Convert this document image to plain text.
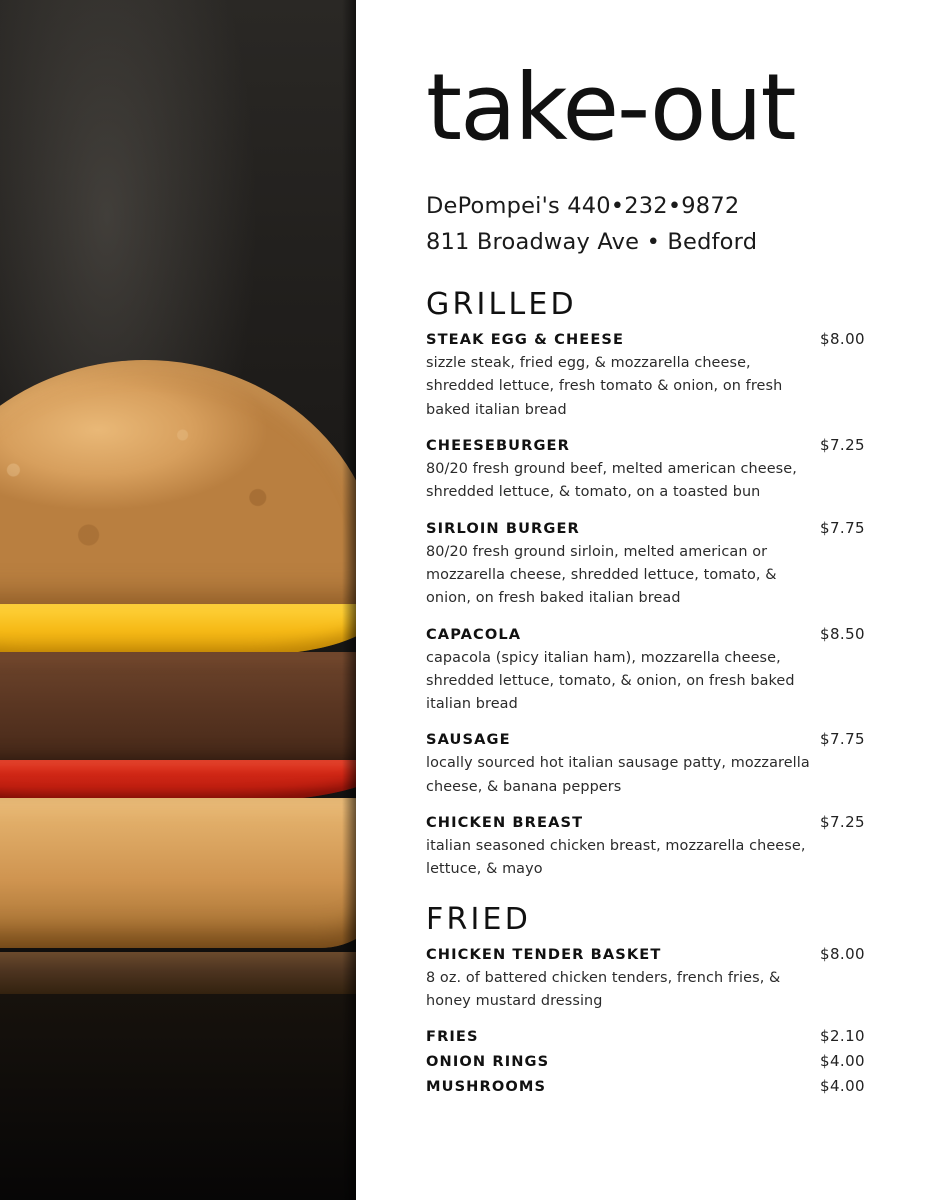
take-out
DePompei's 440•232•9872
811 Broadway Ave • Bedford
GRILLED
STEAK EGG & CHEESE	$8.00
sizzle steak, fried egg, & mozzarella cheese, shredded lettuce, fresh tomato & onion, on fresh baked italian bread
CHEESEBURGER	$7.25
80/20 fresh ground beef, melted american cheese, shredded lettuce, & tomato, on a toasted bun
SIRLOIN BURGER	$7.75
80/20 fresh ground sirloin, melted american or mozzarella cheese, shredded lettuce, tomato, & onion, on fresh baked italian bread
CAPACOLA	$8.50
capacola (spicy italian ham), mozzarella cheese, shredded lettuce, tomato, & onion, on fresh baked italian bread
SAUSAGE	$7.75
locally sourced hot italian sausage patty, mozzarella cheese, & banana peppers
CHICKEN BREAST	$7.25
italian seasoned chicken breast, mozzarella cheese, lettuce, & mayo
FRIED
CHICKEN TENDER BASKET	$8.00
8 oz. of battered chicken tenders, french fries, & honey mustard dressing
FRIES	$2.10
ONION RINGS	$4.00
MUSHROOMS	$4.00
